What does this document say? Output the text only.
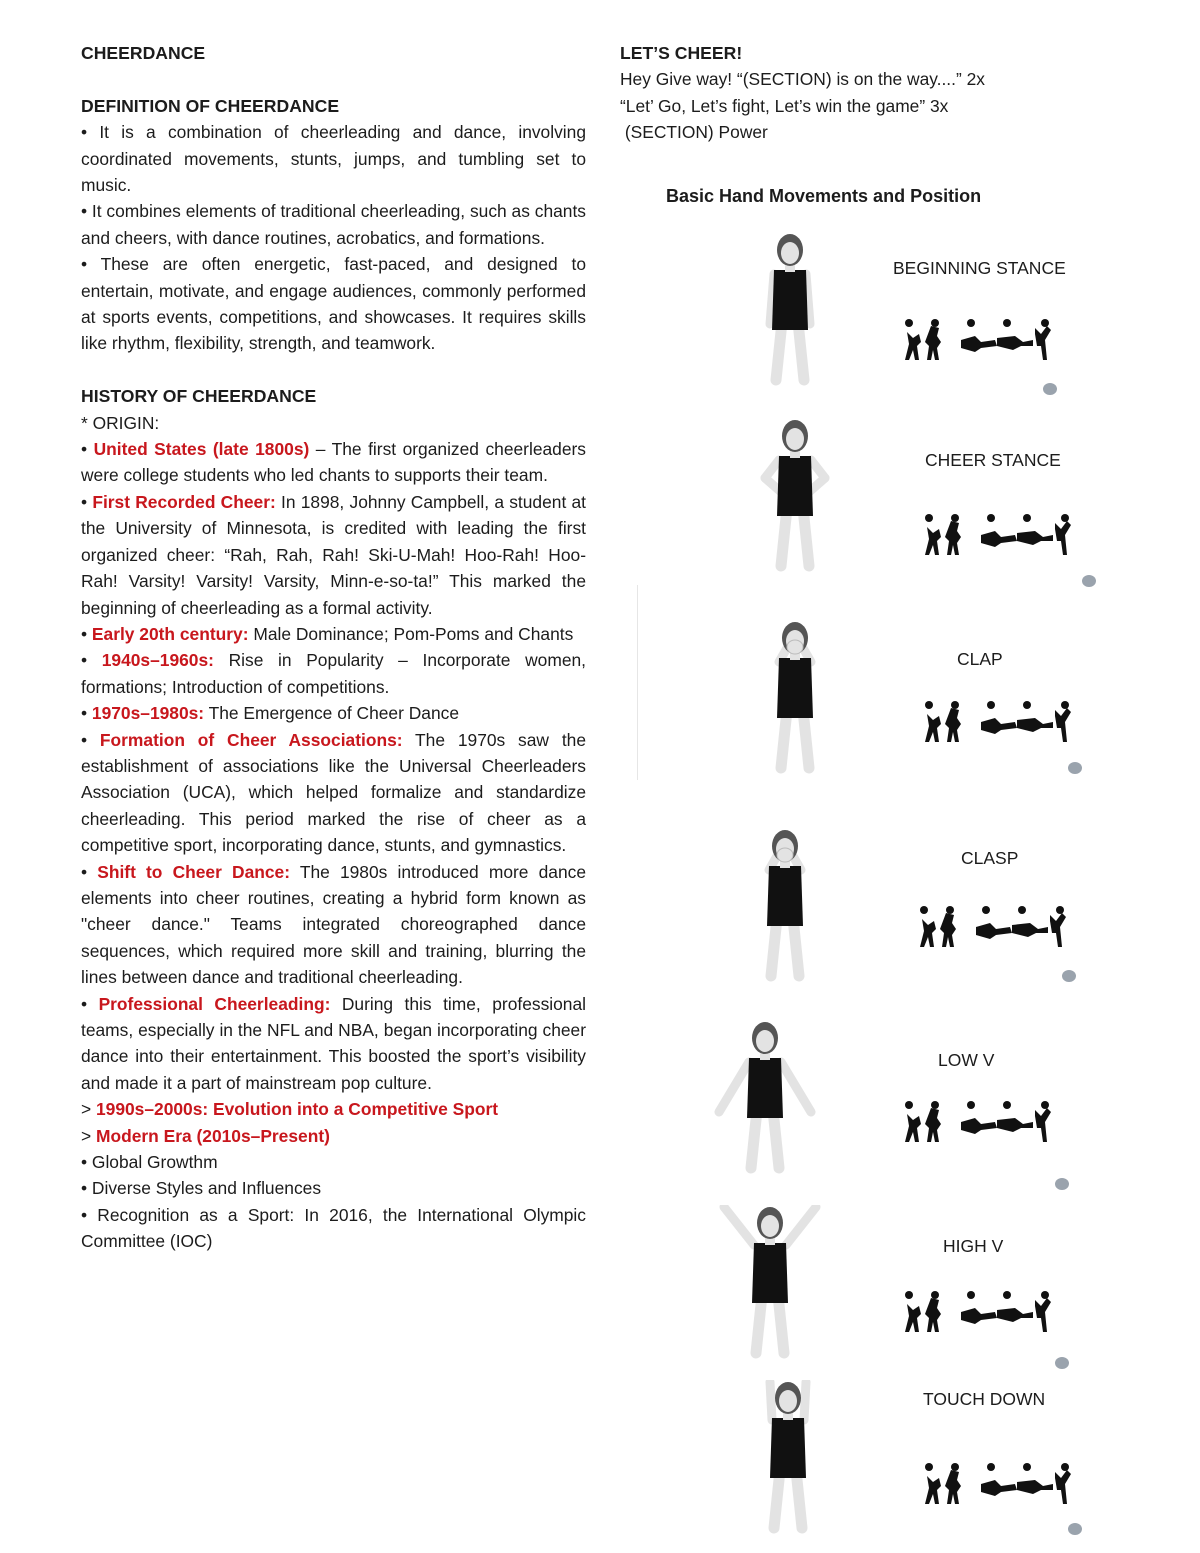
CHEERDANCE

DEFINITION OF CHEERDANCE

• It is a combination of cheerleading and dance, involving coordinated movements, stunts, jumps, and tumbling set to music.

• It combines elements of traditional cheerleading, such as chants and cheers, with dance routines, acrobatics, and formations.

• These are often energetic, fast-paced, and designed to entertain, motivate, and engage audiences, commonly performed at sports events, competitions, and showcases. It requires skills like rhythm, flexibility, strength, and teamwork.

HISTORY OF CHEERDANCE

* ORIGIN:

• United States (late 1800s) – The first organized cheerleaders were college students who led chants to supports their team.

• First Recorded Cheer: In 1898, Johnny Campbell, a student at the University of Minnesota, is credited with leading the first organized cheer: “Rah, Rah, Rah! Ski-U-Mah! Hoo-Rah! Hoo-Rah! Varsity! Varsity! Varsity, Minn-e-so-ta!” This marked the beginning of cheerleading as a formal activity.

• Early 20th century: Male Dominance; Pom-Poms and Chants

• 1940s–1960s: Rise in Popularity – Incorporate women, formations; Introduction of competitions.

• 1970s–1980s: The Emergence of Cheer Dance

• Formation of Cheer Associations: The 1970s saw the establishment of associations like the Universal Cheerleaders Association (UCA), which helped formalize and standardize cheerleading. This period marked the rise of cheer as a competitive sport, incorporating dance, stunts, and gymnastics.

• Shift to Cheer Dance: The 1980s introduced more dance elements into cheer routines, creating a hybrid form known as "cheer dance." Teams integrated choreographed dance sequences, which required more skill and training, blurring the lines between dance and traditional cheerleading.

• Professional Cheerleading: During this time, professional teams, especially in the NFL and NBA, began incorporating cheer dance into their entertainment. This boosted the sport’s visibility and made it a part of mainstream pop culture.

> 1990s–2000s: Evolution into a Competitive Sport

> Modern Era (2010s–Present)

• Global Growthm

• Diverse Styles and Influences

• Recognition as a Sport: In 2016, the International Olympic Committee (IOC)

LET’S CHEER!

Hey Give way! “(SECTION) is on the way....” 2x

“Let’ Go, Let’s fight, Let’s win the game” 3x

(SECTION) Power

Basic Hand Movements and Position
BEGINNING STANCE
CHEER STANCE
CLAP
CLASP
LOW V
HIGH V
TOUCH DOWN
